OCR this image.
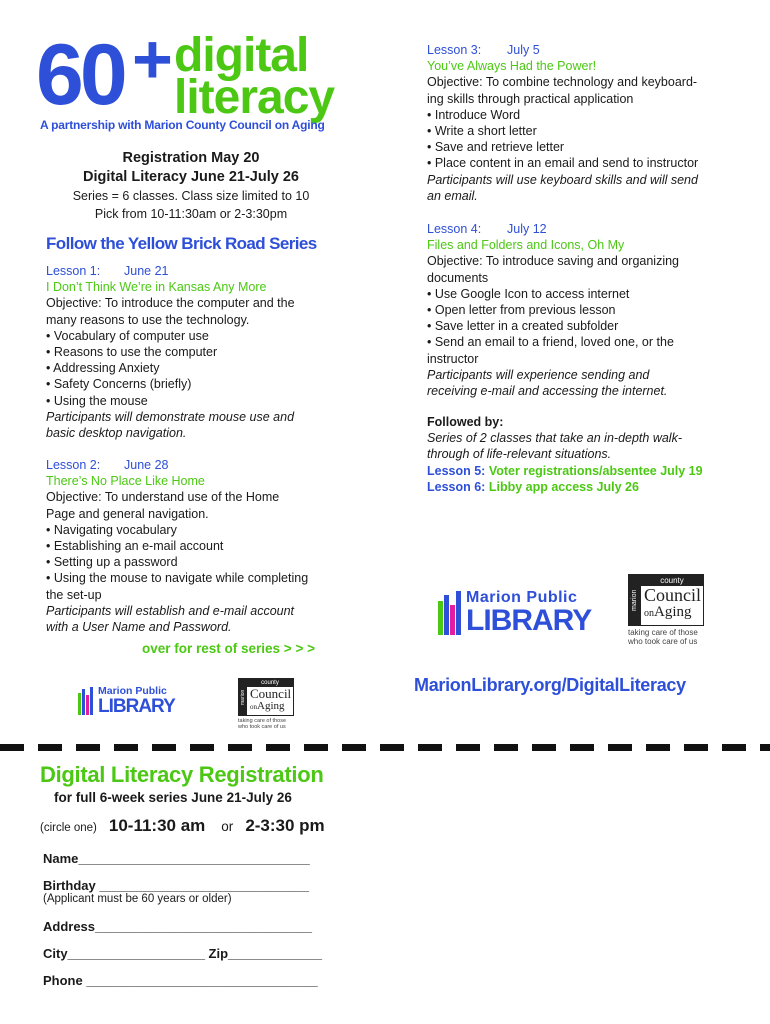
60 + digital
literacy
A partnership with Marion County Council on Aging
Registration May 20
Digital Literacy June 21-July 26
Series = 6 classes. Class size limited to 10
Pick from 10-11:30am or 2-3:30pm
Follow the Yellow Brick Road Series
Lesson 1: June 21
I Don’t Think We’re in Kansas Any More
Objective: To introduce the computer and the
many reasons to use the technology.
• Vocabulary of computer use
• Reasons to use the computer
• Addressing Anxiety
• Safety Concerns (briefly)
• Using the mouse
Participants will demonstrate mouse use and
basic desktop navigation.
Lesson 2: June 28
There’s No Place Like Home
Objective: To understand use of the Home
Page and general navigation.
• Navigating vocabulary
• Establishing an e-mail account
• Setting up a password
• Using the mouse to navigate while completing
the set-up
Participants will establish and e-mail account
with a User Name and Password.
over for rest of series > > >
Marion Public
LIBRARY
county
marion Council
onAging
taking care of those
who took care of us
Lesson 3: July 5
You’ve Always Had the Power!
Objective: To combine technology and keyboard-
ing skills through practical application
• Introduce Word
• Write a short letter
• Save and retrieve letter
• Place content in an email and send to instructor
Participants will use keyboard skills and will send
an email.
Lesson 4: July 12
Files and Folders and Icons, Oh My
Objective: To introduce saving and organizing
documents
• Use Google Icon to access internet
• Open letter from previous lesson
• Save letter in a created subfolder
• Send an email to a friend, loved one, or the
instructor
Participants will experience sending and
receiving e-mail and accessing the internet.
Followed by:
Series of 2 classes that take an in-depth walk-
through of life-relevant situations.
Lesson 5: Voter registrations/absentee July 19
Lesson 6: Libby app access July 26
Marion Public
LIBRARY
county
marion Council
onAging
taking care of those
who took care of us
MarionLibrary.org/DigitalLiteracy
Digital Literacy Registration
for full 6-week series June 21-July 26
(circle one) 10-11:30 am or 2-3:30 pm
Name________________________________
Birthday _____________________________
(Applicant must be 60 years or older)
Address______________________________
City___________________ Zip_____________
Phone ________________________________
